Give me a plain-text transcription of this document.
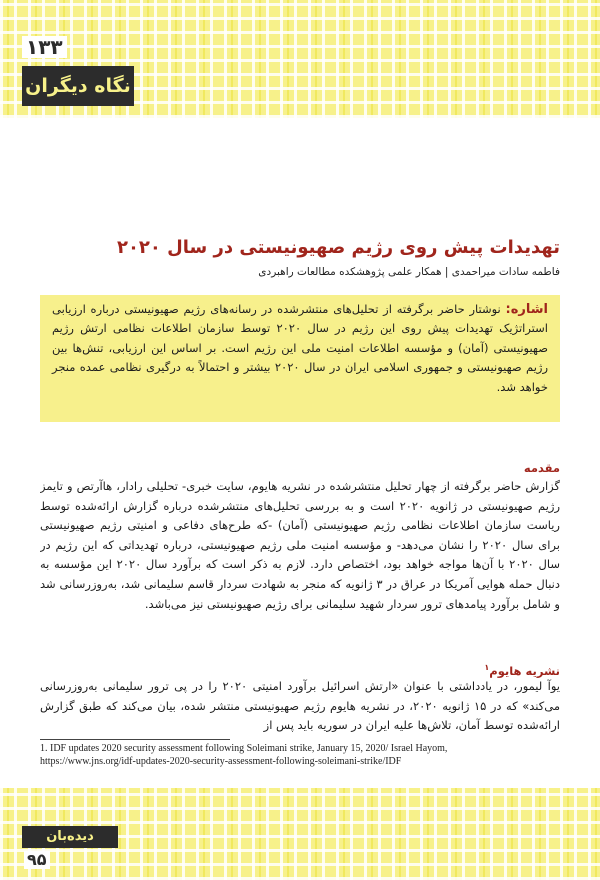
۱۳۳
نگاه دیگران
تهدیدات پیش روی رژیم صهیونیستی در سال ۲۰۲۰
فاطمه سادات میراحمدی | همکار علمی پژوهشکده مطالعات راهبردی
اشاره: نوشتار حاضر برگرفته از تحلیل‌های منتشرشده در رسانه‌های رژیم صهیونیستی درباره ارزیابی استراتژیک تهدیدات پیش روی این رژیم در سال ۲۰۲۰ توسط سازمان اطلاعات نظامی ارتش رژیم صهیونیستی (آمان) و مؤسسه اطلاعات امنیت ملی این رژیم است. بر اساس این ارزیابی، تنش‌ها بین رژیم صهیونیستی و جمهوری اسلامی ایران در سال ۲۰۲۰ بیشتر و احتمالاً به درگیری نظامی عمده منجر خواهد شد.
مقدمه

گزارش حاضر برگرفته از چهار تحلیل منتشرشده در نشریه هایوم، سایت خبری- تحلیلی رادار، هاآرتص و تایمز رژیم صهیونیستی در ژانویه ۲۰۲۰ است و به بررسی تحلیل‌های منتشرشده درباره گزارش ارائه‌شده توسط ریاست سازمان اطلاعات نظامی رژیم صهیونیستی (آمان) -که طرح‌های دفاعی و امنیتی رژیم صهیونیستی برای سال ۲۰۲۰ را نشان می‌دهد- و مؤسسه امنیت ملی رژیم صهیونیستی، درباره تهدیداتی که این رژیم در سال ۲۰۲۰ با آن‌ها مواجه خواهد بود، اختصاص دارد. لازم به ذکر است که برآورد سال ۲۰۲۰ این مؤسسه به دنبال حمله هوایی آمریکا در عراق در ۳ ژانویه که منجر به شهادت سردار قاسم سلیمانی شد، به‌روزرسانی شد و شامل برآورد پیامدهای ترور سردار شهید سلیمانی برای رژیم صهیونیستی نیز می‌باشد.

نشریه هایوم$^۱$

یوآ لیمور، در یادداشتی با عنوان «ارتش اسرائیل برآورد امنیتی ۲۰۲۰ را در پی ترور سلیمانی به‌روزرسانی می‌کند» که در ۱۵ ژانویه ۲۰۲۰، در نشریه هایوم رژیم صهیونیستی منتشر شده، بیان می‌کند که طبق گزارش ارائه‌شده توسط آمان، تلاش‌ها علیه ایران در سوریه باید پس از

1. IDF updates 2020 security assessment following Soleimani strike, January 15, 2020/ Israel Hayom,
https://www.jns.org/idf-updates-2020-security-assessment-following-soleimani-strike/IDF
دیده‌بان
۹۵
